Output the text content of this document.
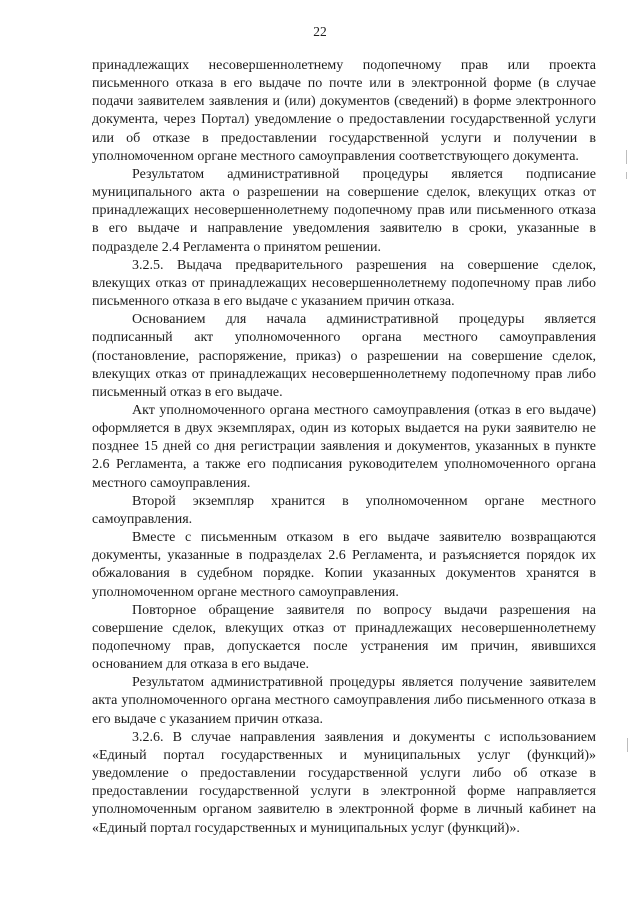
22

принадлежащих несовершеннолетнему подопечному прав или проекта письменного отказа в его выдаче по почте или в электронной форме (в случае подачи заявителем заявления и (или) документов (сведений) в форме электронного документа, через Портал) уведомление о предоставлении государственной услуги или об отказе в предоставлении государственной услуги и получении в уполномоченном органе местного самоуправления соответствующего документа.

Результатом административной процедуры является подписание муниципального акта о разрешении на совершение сделок, влекущих отказ от принадлежащих несовершеннолетнему подопечному прав или письменного отказа в его выдаче и направление уведомления заявителю в сроки, указанные в подразделе 2.4 Регламента о принятом решении.

3.2.5. Выдача предварительного разрешения на совершение сделок, влекущих отказ от принадлежащих несовершеннолетнему подопечному прав либо письменного отказа в его выдаче с указанием причин отказа.

Основанием для начала административной процедуры является подписанный акт уполномоченного органа местного самоуправления (постановление, распоряжение, приказ) о разрешении на совершение сделок, влекущих отказ от принадлежащих несовершеннолетнему подопечному прав либо письменный отказ в его выдаче.

Акт уполномоченного органа местного самоуправления (отказ в его выдаче) оформляется в двух экземплярах, один из которых выдается на руки заявителю не позднее 15 дней со дня регистрации заявления и документов, указанных в пункте 2.6 Регламента, а также его подписания руководителем уполномоченного органа местного самоуправления.

Второй экземпляр хранится в уполномоченном органе местного самоуправления.

Вместе с письменным отказом в его выдаче заявителю возвращаются документы, указанные в подразделах 2.6 Регламента, и разъясняется порядок их обжалования в судебном порядке. Копии указанных документов хранятся в уполномоченном органе местного самоуправления.

Повторное обращение заявителя по вопросу выдачи разрешения на совершение сделок, влекущих отказ от принадлежащих несовершеннолетнему подопечному прав, допускается после устранения им причин, явившихся основанием для отказа в его выдаче.

Результатом административной процедуры является получение заявителем акта уполномоченного органа местного самоуправления либо письменного отказа в его выдаче с указанием причин отказа.

3.2.6. В случае направления заявления и документы с использованием «Единый портал государственных и муниципальных услуг (функций)» уведомление о предоставлении государственной услуги либо об отказе в предоставлении государственной услуги в электронной форме направляется уполномоченным органом заявителю в электронной форме в личный кабинет на «Единый портал государственных и муниципальных услуг (функций)».
